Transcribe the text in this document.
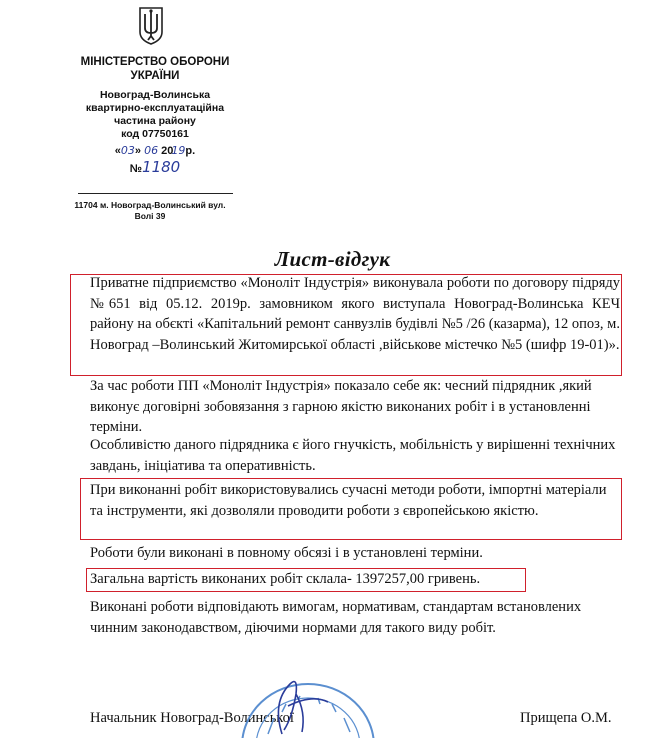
МІНІСТЕРСТВО ОБОРОНИ
УКРАЇНИ
Новоград-Волинська
квартирно-експлуатаційна
частина району
код 07750161
«03» 06 2019р.
№1180
11704 м. Новоград-Волинський вул.
Волі 39
Лист-відгук
Приватне підприємство «Моноліт Індустрія» виконувала роботи по договору підряду №651 від 05.12. 2019р. замовником якого виступала Новоград-Волинська КЕЧ району на обєкті «Капітальний ремонт санвузлів будівлі №5 /26 (казарма), 12 опоз, м. Новоград –Волинський Житомирської області ,військове містечко №5 (шифр 19-01)».
За час роботи ПП «Моноліт Індустрія» показало себе як: чесний підрядник ,який виконує договірні зобовязання з гарною якістю виконаних робіт і в установленні терміни.
Особливістю даного підрядника є його гнучкість, мобільність у вирішенні технічних завдань, ініціатива та оперативність.
При виконанні робіт використовувались сучасні методи роботи, імпортні матеріали та інструменти, які дозволяли проводити роботи з європейською якістю.
Роботи були виконані в повному обсязі і в установлені терміни.
Загальна вартість виконаних робіт склала- 1397257,00 гривень.
Виконані роботи відповідають вимогам, нормативам, стандартам встановлених чинним законодавством, діючими нормами для такого виду робіт.
Начальник Новоград-Волинської	Прищепа О.М.
